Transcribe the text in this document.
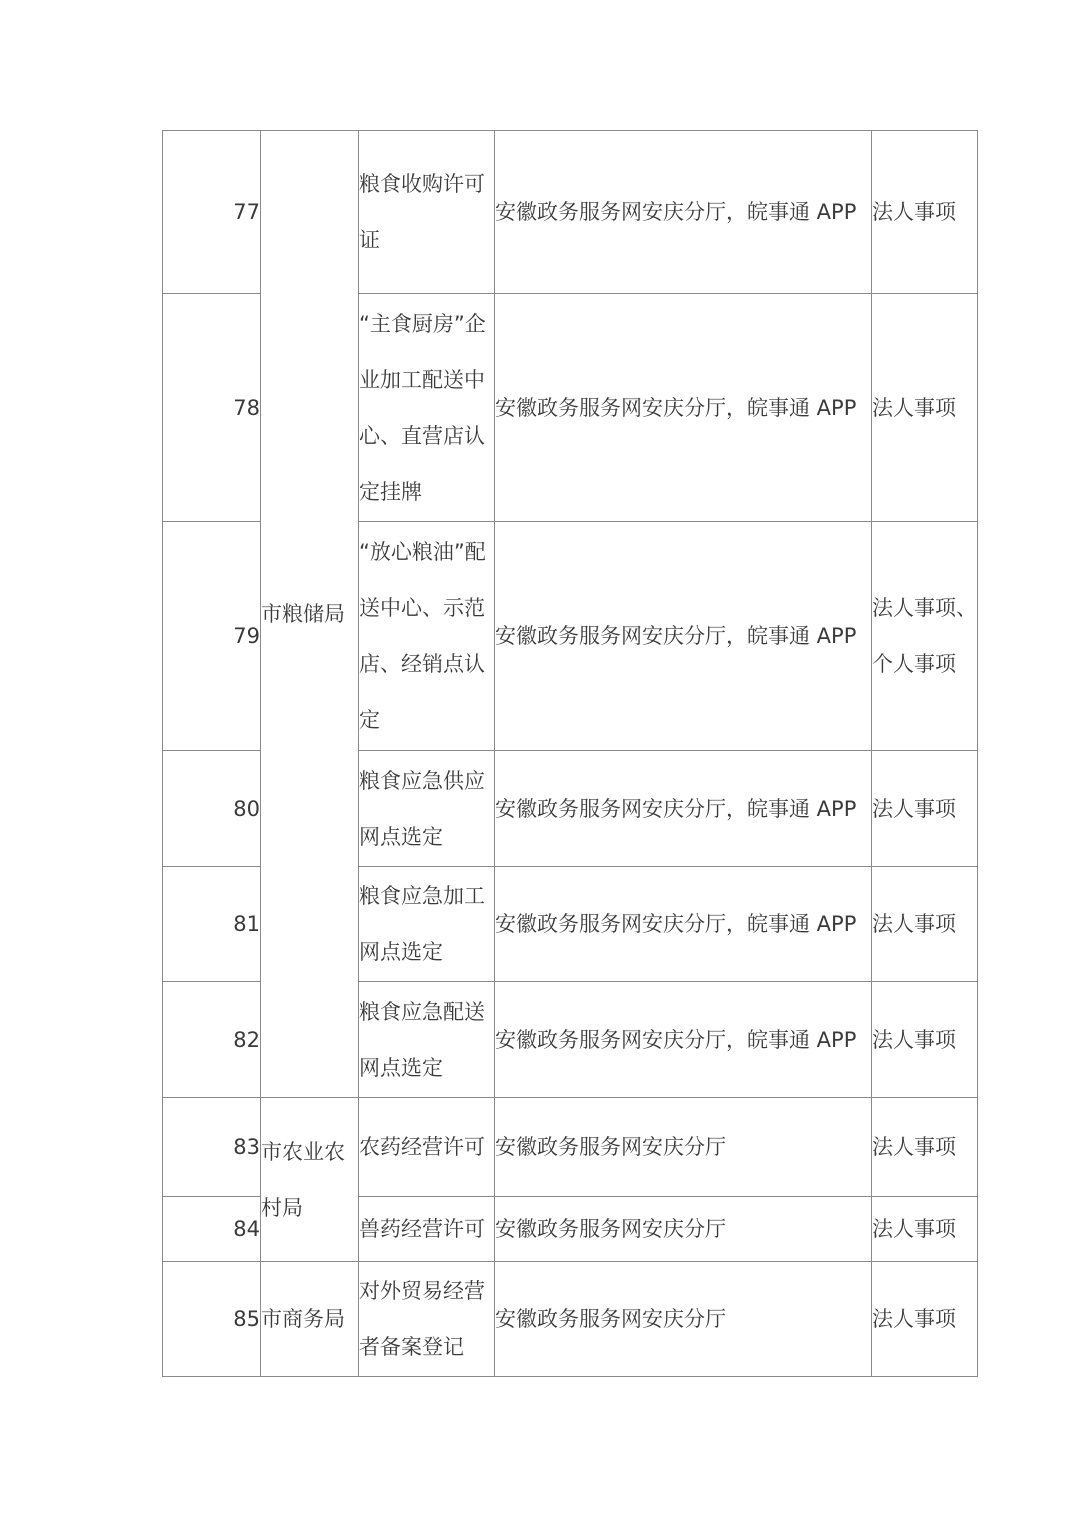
77	市粮储局	粮食收购许可证	安徽政务服务网安庆分厅，皖事通 APP	法人事项
78		“主食厨房”企业加工配送中心、直营店认定挂牌	安徽政务服务网安庆分厅，皖事通 APP	法人事项
79		“放心粮油”配送中心、示范店、经销点认定	安徽政务服务网安庆分厅，皖事通 APP	法人事项、个人事项
80		粮食应急供应网点选定	安徽政务服务网安庆分厅，皖事通 APP	法人事项
81		粮食应急加工网点选定	安徽政务服务网安庆分厅，皖事通 APP	法人事项
82		粮食应急配送网点选定	安徽政务服务网安庆分厅，皖事通 APP	法人事项
83	市农业农村局	农药经营许可	安徽政务服务网安庆分厅	法人事项
84		兽药经营许可	安徽政务服务网安庆分厅	法人事项
85	市商务局	对外贸易经营者备案登记	安徽政务服务网安庆分厅	法人事项
